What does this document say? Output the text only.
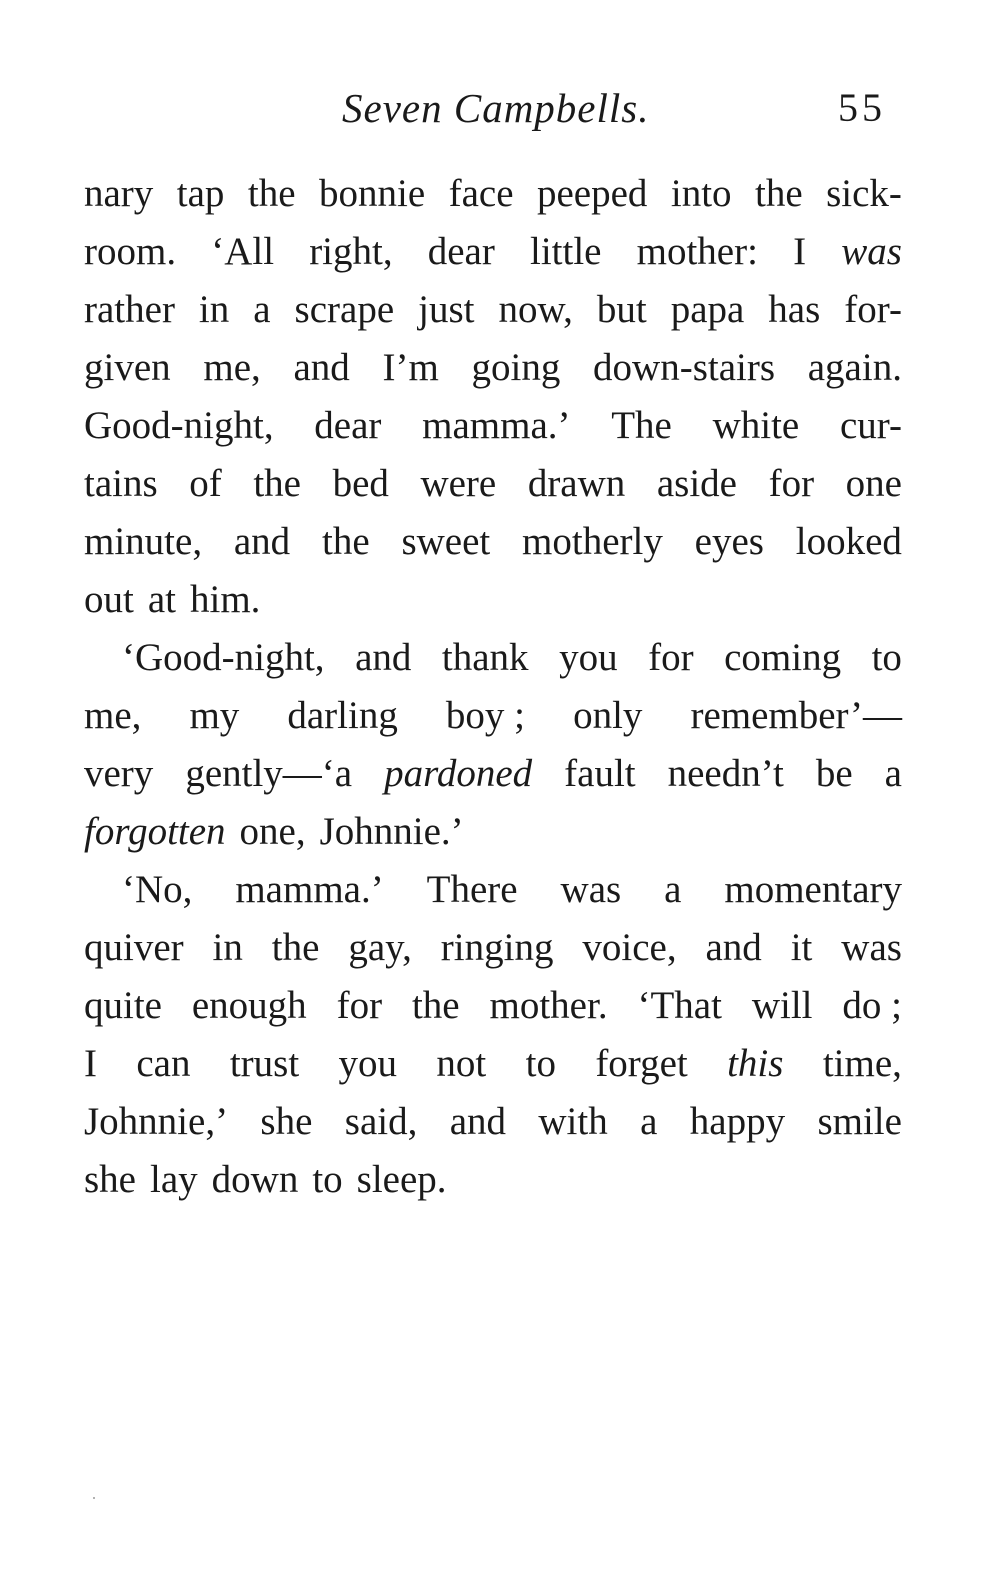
Seven Campbells.	55
nary tap the bonnie face peeped into the sick-
room. ‘All right, dear little mother: I was
rather in a scrape just now, but papa has for-
given me, and I’m going down-stairs again.
Good-night, dear mamma.’ The white cur-
tains of the bed were drawn aside for one
minute, and the sweet motherly eyes looked
out at him.
‘Good-night, and thank you for coming to
me, my darling boy ; only remember’—
very gently—‘a pardoned fault needn’t be a
forgotten one, Johnnie.’
‘No, mamma.’ There was a momentary
quiver in the gay, ringing voice, and it was
quite enough for the mother. ‘That will do ;
I can trust you not to forget this time,
Johnnie,’ she said, and with a happy smile
she lay down to sleep.
